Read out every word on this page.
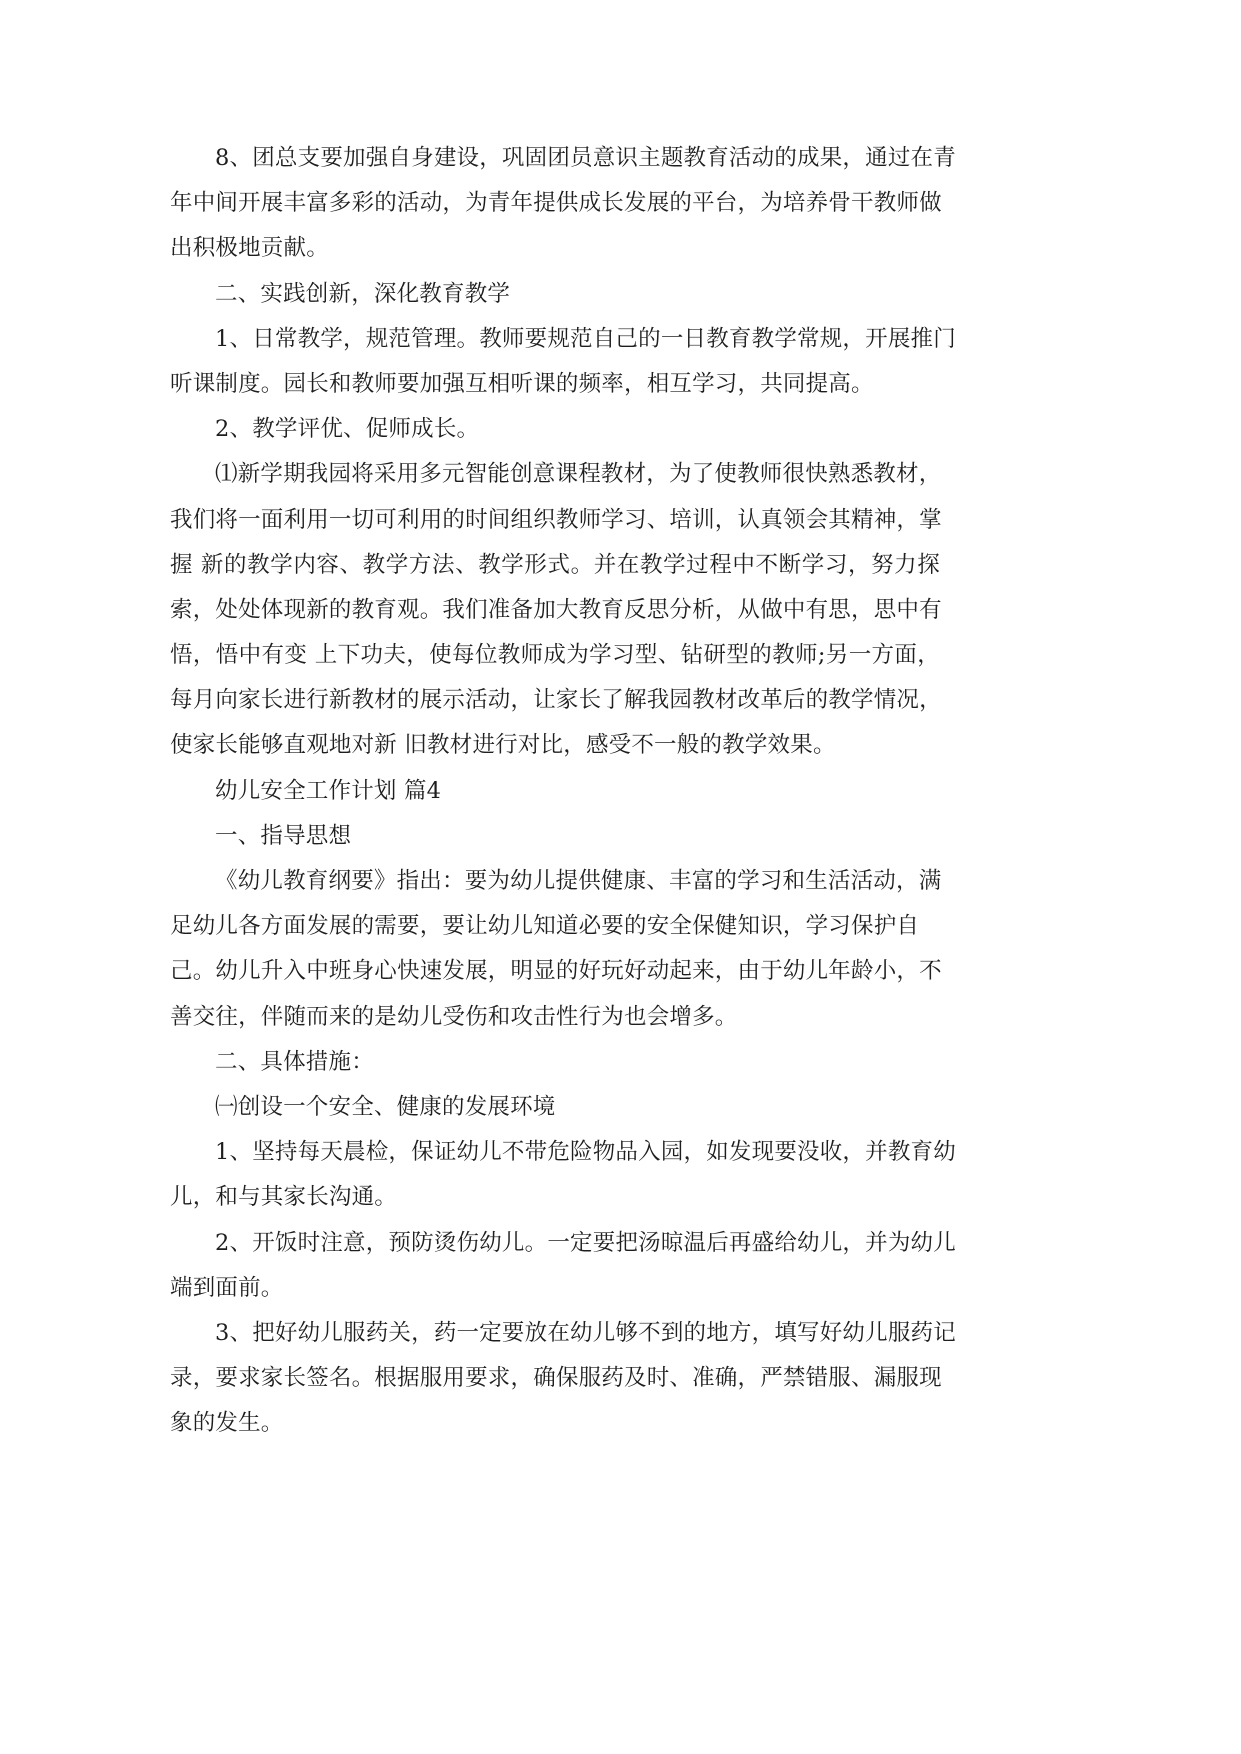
8、团总支要加强自身建设，巩固团员意识主题教育活动的成果，通过在青
年中间开展丰富多彩的活动，为青年提供成长发展的平台，为培养骨干教师做
出积极地贡献。
二、实践创新，深化教育教学
1、日常教学，规范管理。教师要规范自己的一日教育教学常规，开展推门
听课制度。园长和教师要加强互相听课的频率，相互学习，共同提高。
2、教学评优、促师成长。
⑴新学期我园将采用多元智能创意课程教材，为了使教师很快熟悉教材，
我们将一面利用一切可利用的时间组织教师学习、培训，认真领会其精神，掌
握 新的教学内容、教学方法、教学形式。并在教学过程中不断学习，努力探
索，处处体现新的教育观。我们准备加大教育反思分析，从做中有思，思中有
悟，悟中有变 上下功夫，使每位教师成为学习型、钻研型的教师;另一方面，
每月向家长进行新教材的展示活动，让家长了解我园教材改革后的教学情况，
使家长能够直观地对新 旧教材进行对比，感受不一般的教学效果。
幼儿安全工作计划 篇4
一、指导思想
《幼儿教育纲要》指出：要为幼儿提供健康、丰富的学习和生活活动，满
足幼儿各方面发展的需要，要让幼儿知道必要的安全保健知识，学习保护自
己。幼儿升入中班身心快速发展，明显的好玩好动起来，由于幼儿年龄小，不
善交往，伴随而来的是幼儿受伤和攻击性行为也会增多。
二、具体措施：
㈠创设一个安全、健康的发展环境
1、坚持每天晨检，保证幼儿不带危险物品入园，如发现要没收，并教育幼
儿，和与其家长沟通。
2、开饭时注意，预防烫伤幼儿。一定要把汤晾温后再盛给幼儿，并为幼儿
端到面前。
3、把好幼儿服药关，药一定要放在幼儿够不到的地方，填写好幼儿服药记
录，要求家长签名。根据服用要求，确保服药及时、准确，严禁错服、漏服现
象的发生。
